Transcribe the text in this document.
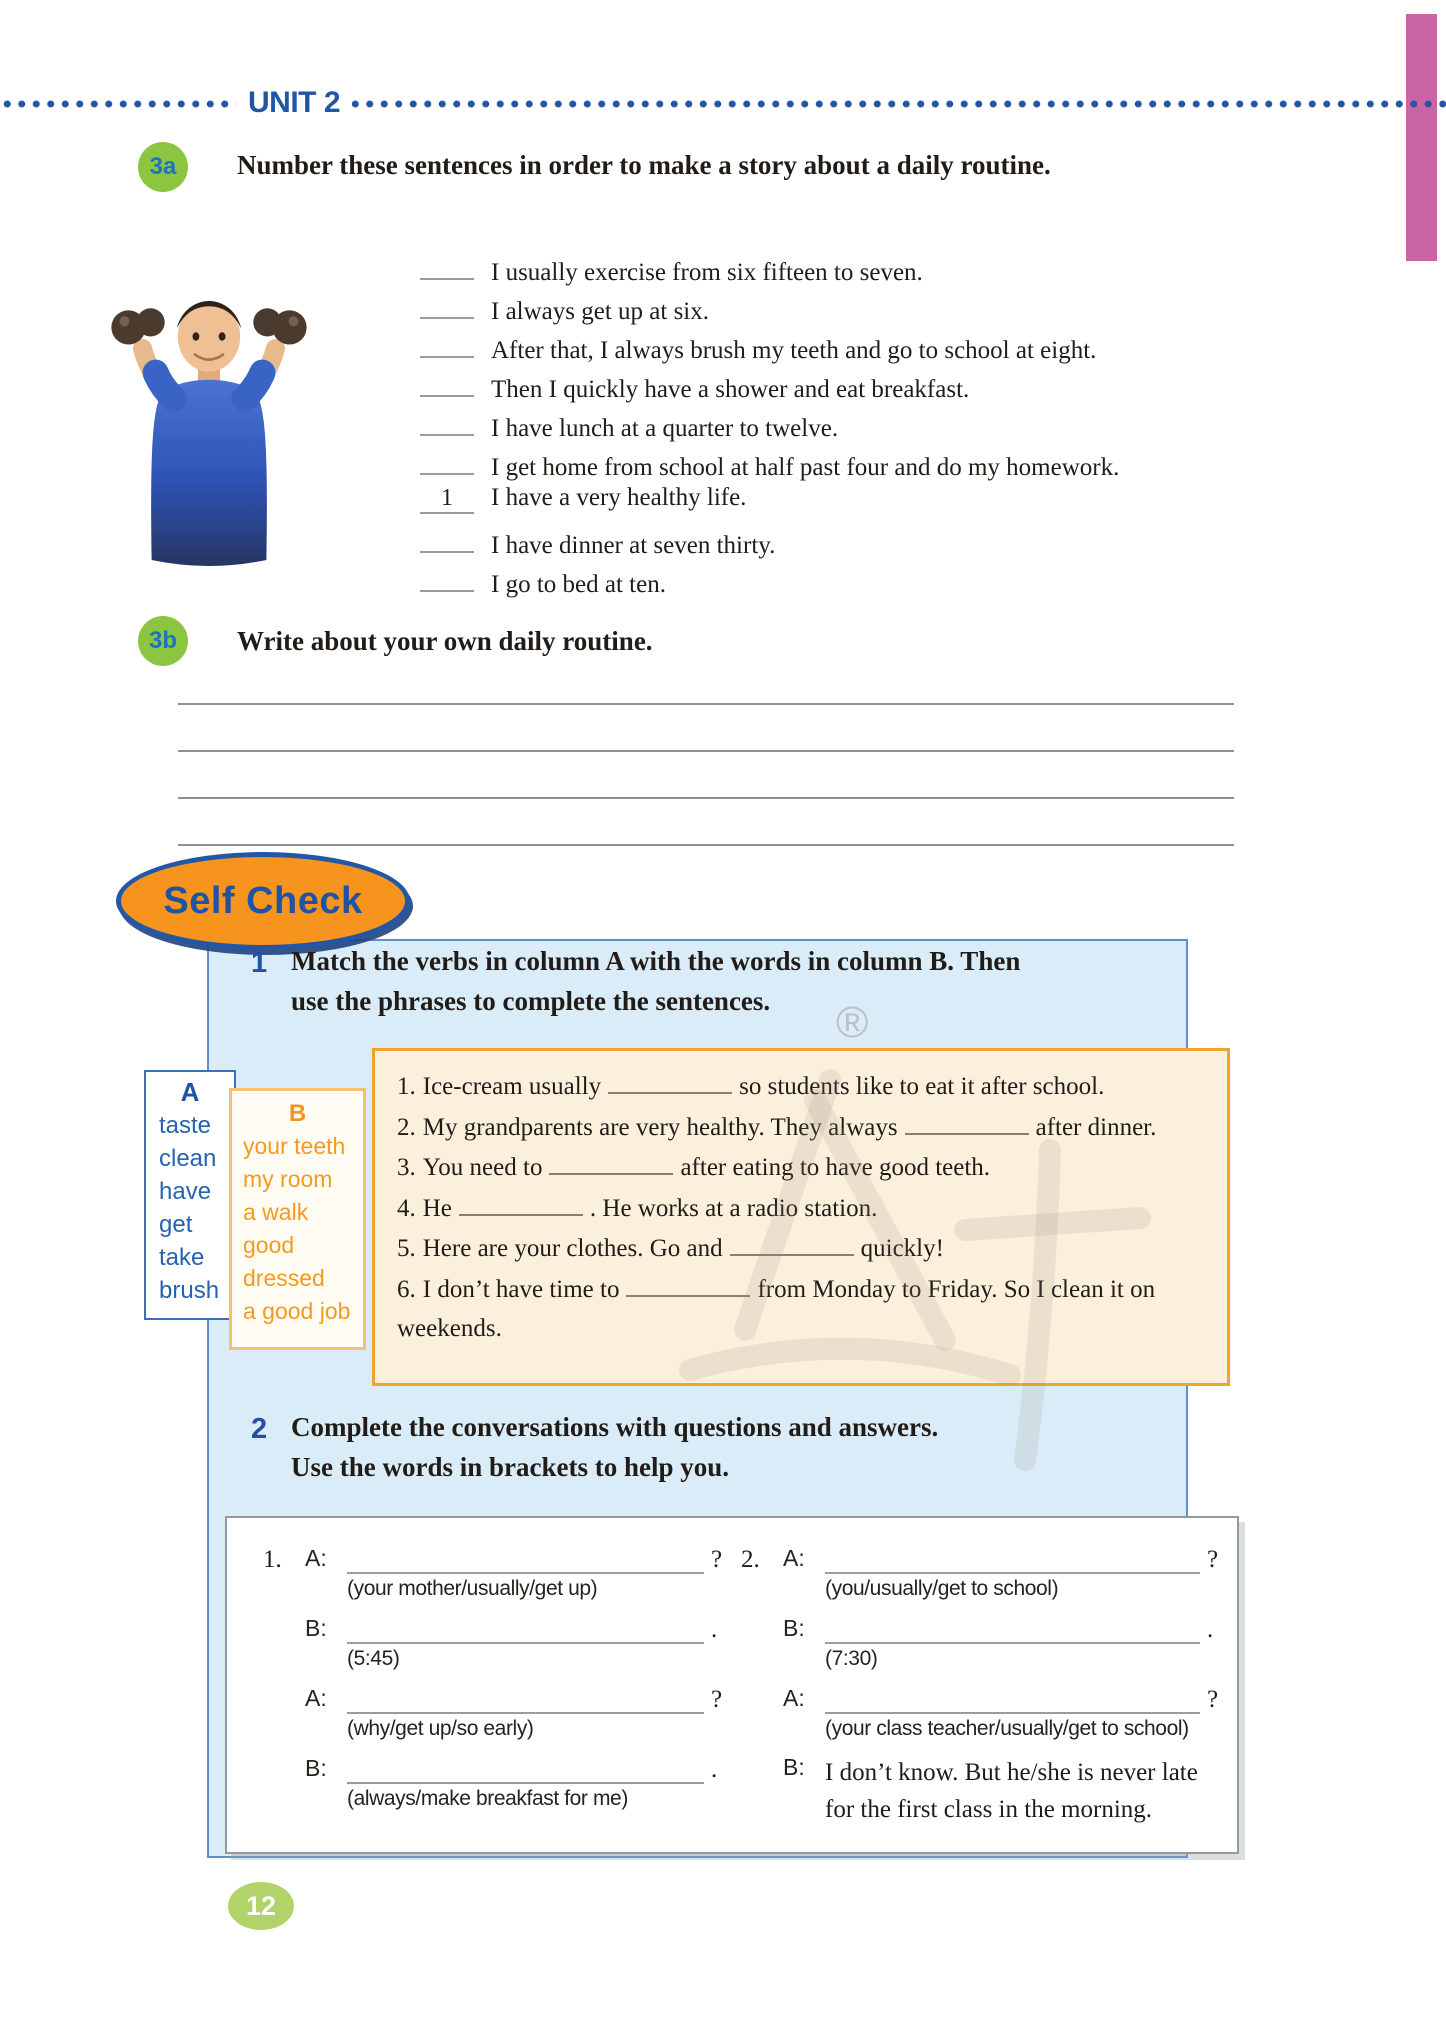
UNIT 2
3a	Number these sentences in order to make a story about a daily routine.
I usually exercise from six fifteen to seven.
I always get up at six.
After that, I always brush my teeth and go to school at eight.
Then I quickly have a shower and eat breakfast.
I have lunch at a quarter to twelve.
I get home from school at half past four and do my homework.
1	I have a very healthy life.
I have dinner at seven thirty.
I go to bed at ten.
3b	Write about your own daily routine.
Self Check
1 Match the verbs in column A with the words in column B. Then
use the phrases to complete the sentences.
A
taste
clean
have
get
take
brush
B
your teeth
my room
a walk
good
dressed
a good job
1. Ice-cream usually	so students like to eat it after school.
2. My grandparents are very healthy. They always	after dinner.
3. You need to	after eating to have good teeth.
4. He	. He works at a radio station.
5. Here are your clothes. Go and	quickly!
6. I don’t have time to	from Monday to Friday. So I clean it on weekends.
®
2 Complete the conversations with questions and answers.
Use the words in brackets to help you.
1.	A:	?
(your mother/usually/get up)
B:	.
(5:45)
A:	?
(why/get up/so early)
B:	.
(always/make breakfast for me)
2.	A:	?
(you/usually/get to school)
B:	.
(7:30)
A:	?
(your class teacher/usually/get to school)
B: I don’t know. But he/she is never late for the first class in the morning.
12
